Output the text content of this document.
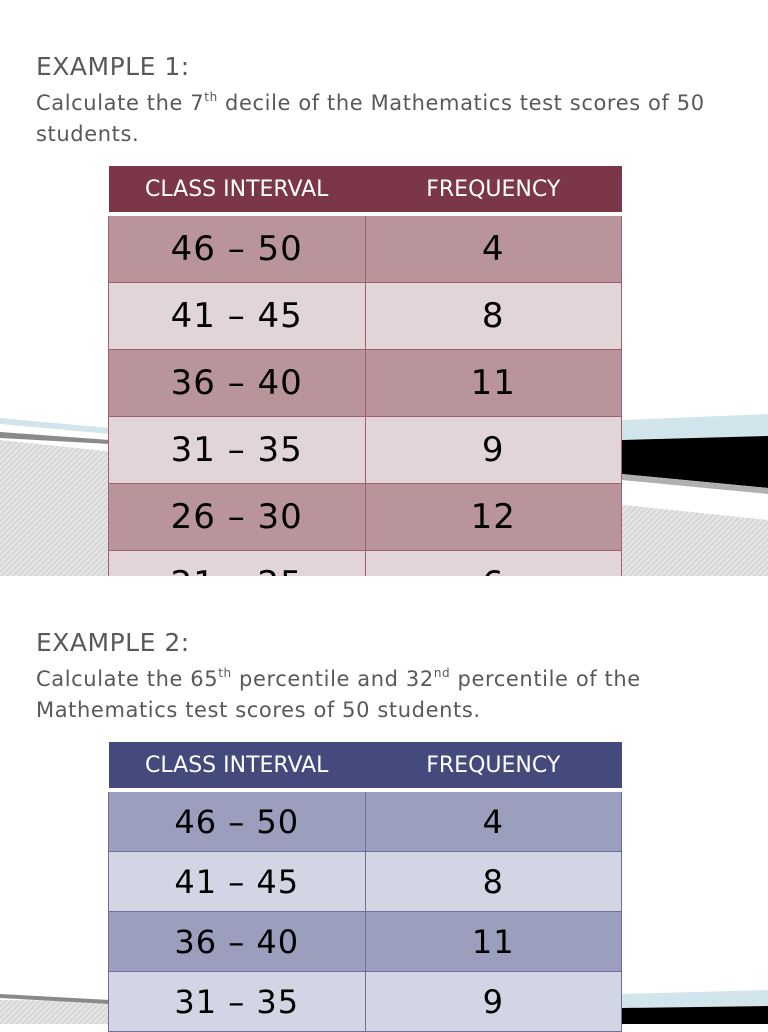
EXAMPLE 1:
Calculate the 7th decile of the Mathematics test scores of 50 students.
CLASS INTERVAL	FREQUENCY
46 – 50	4
41 – 45	8
36 – 40	11
31 – 35	9
26 – 30	12

EXAMPLE 2:
Calculate the 65th percentile and 32nd percentile of the Mathematics test scores of 50 students.
CLASS INTERVAL	FREQUENCY
46 – 50	4
41 – 45	8
36 – 40	11
31 – 35	9
